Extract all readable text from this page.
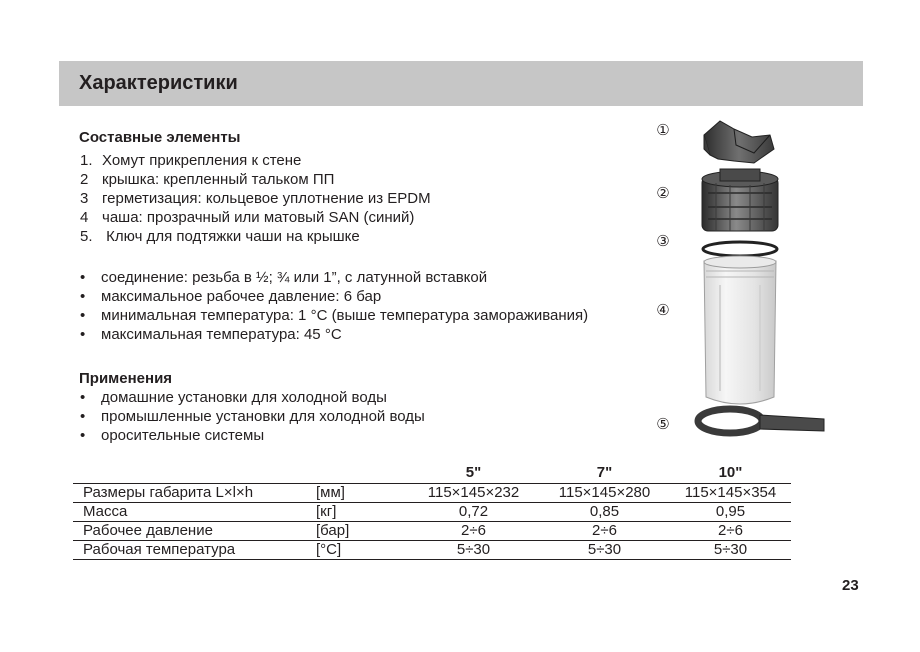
Характеристики
Составные элементы
1. Хомут прикрепления к стене
2 крышка: крепленный тальком ПП
3 герметизация: кольцевое уплотнение из EPDM
4 чаша: прозрачный или матовый SAN (синий)
5. Ключ для подтяжки чаши на крышке
• соединение: резьба в ½; ¾ или 1”, с латунной вставкой
• максимальное рабочее давление: 6 бар
• минимальная температура: 1 °C (выше температура замораживания)
• максимальная температура: 45 °C
Применения
• домашние установки для холодной воды
• промышленные установки для холодной воды
• оросительные системы
		5"	7"	10"
Размеры габарита L×l×h	[мм]	115×145×232	115×145×280	115×145×354
Масса	[кг]	0,72	0,85	0,95
Рабочее давление	[бар]	2÷6	2÷6	2÷6
Рабочая температура	[°C]	5÷30	5÷30	5÷30
①
②
③
④
⑤

23
